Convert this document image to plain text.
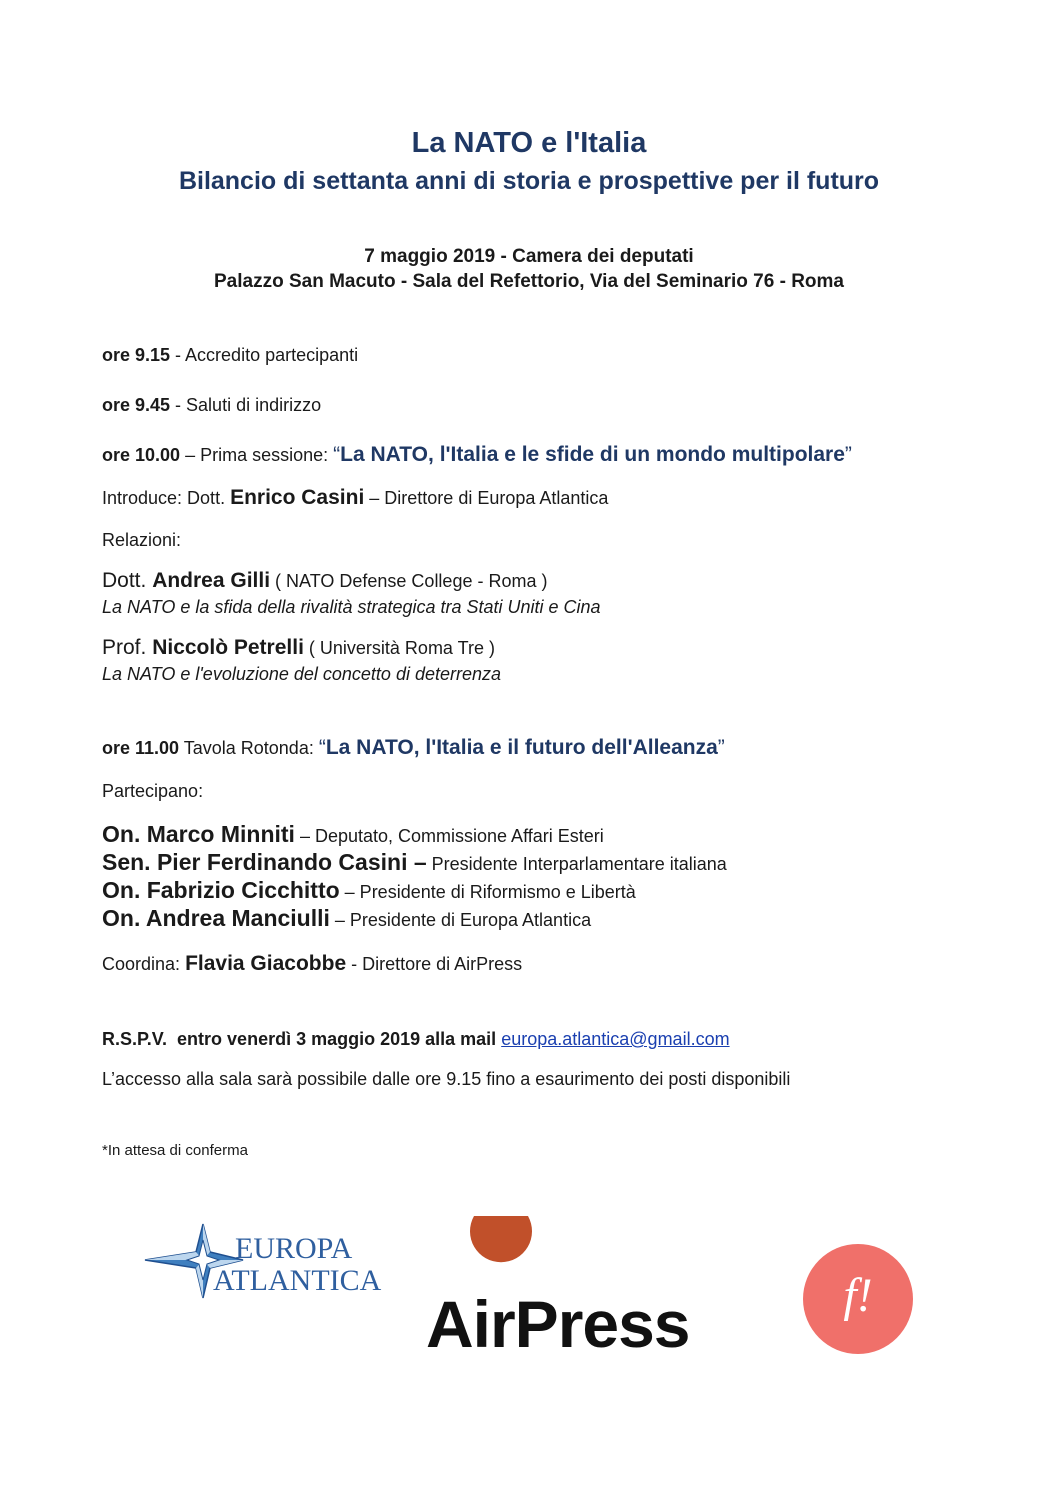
La NATO e l'Italia
Bilancio di settanta anni di storia e prospettive per il futuro
7 maggio 2019 - Camera dei deputati
Palazzo San Macuto - Sala del Refettorio, Via del Seminario 76 - Roma
ore 9.15 - Accredito partecipanti
ore 9.45 - Saluti di indirizzo
ore 10.00 – Prima sessione: “La NATO, l'Italia e le sfide di un mondo multipolare”
Introduce: Dott. Enrico Casini – Direttore di Europa Atlantica
Relazioni:
Dott. Andrea Gilli ( NATO Defense College - Roma )
La NATO e la sfida della rivalità strategica tra Stati Uniti e Cina
Prof. Niccolò Petrelli ( Università Roma Tre )
La NATO e l'evoluzione del concetto di deterrenza
ore 11.00 Tavola Rotonda: “La NATO, l'Italia e il futuro dell'Alleanza”
Partecipano:
On. Marco Minniti – Deputato, Commissione Affari Esteri
Sen. Pier Ferdinando Casini – Presidente Interparlamentare italiana
On. Fabrizio Cicchitto – Presidente di Riformismo e Libertà
On. Andrea Manciulli – Presidente di Europa Atlantica
Coordina: Flavia Giacobbe - Direttore di AirPress
R.S.P.V.  entro venerdì 3 maggio 2019 alla mail europa.atlantica@gmail.com
L’accesso alla sala sarà possibile dalle ore 9.15 fino a esaurimento dei posti disponibili
*In attesa di conferma
EUROPA
ATLANTICA
AirPress	f!
